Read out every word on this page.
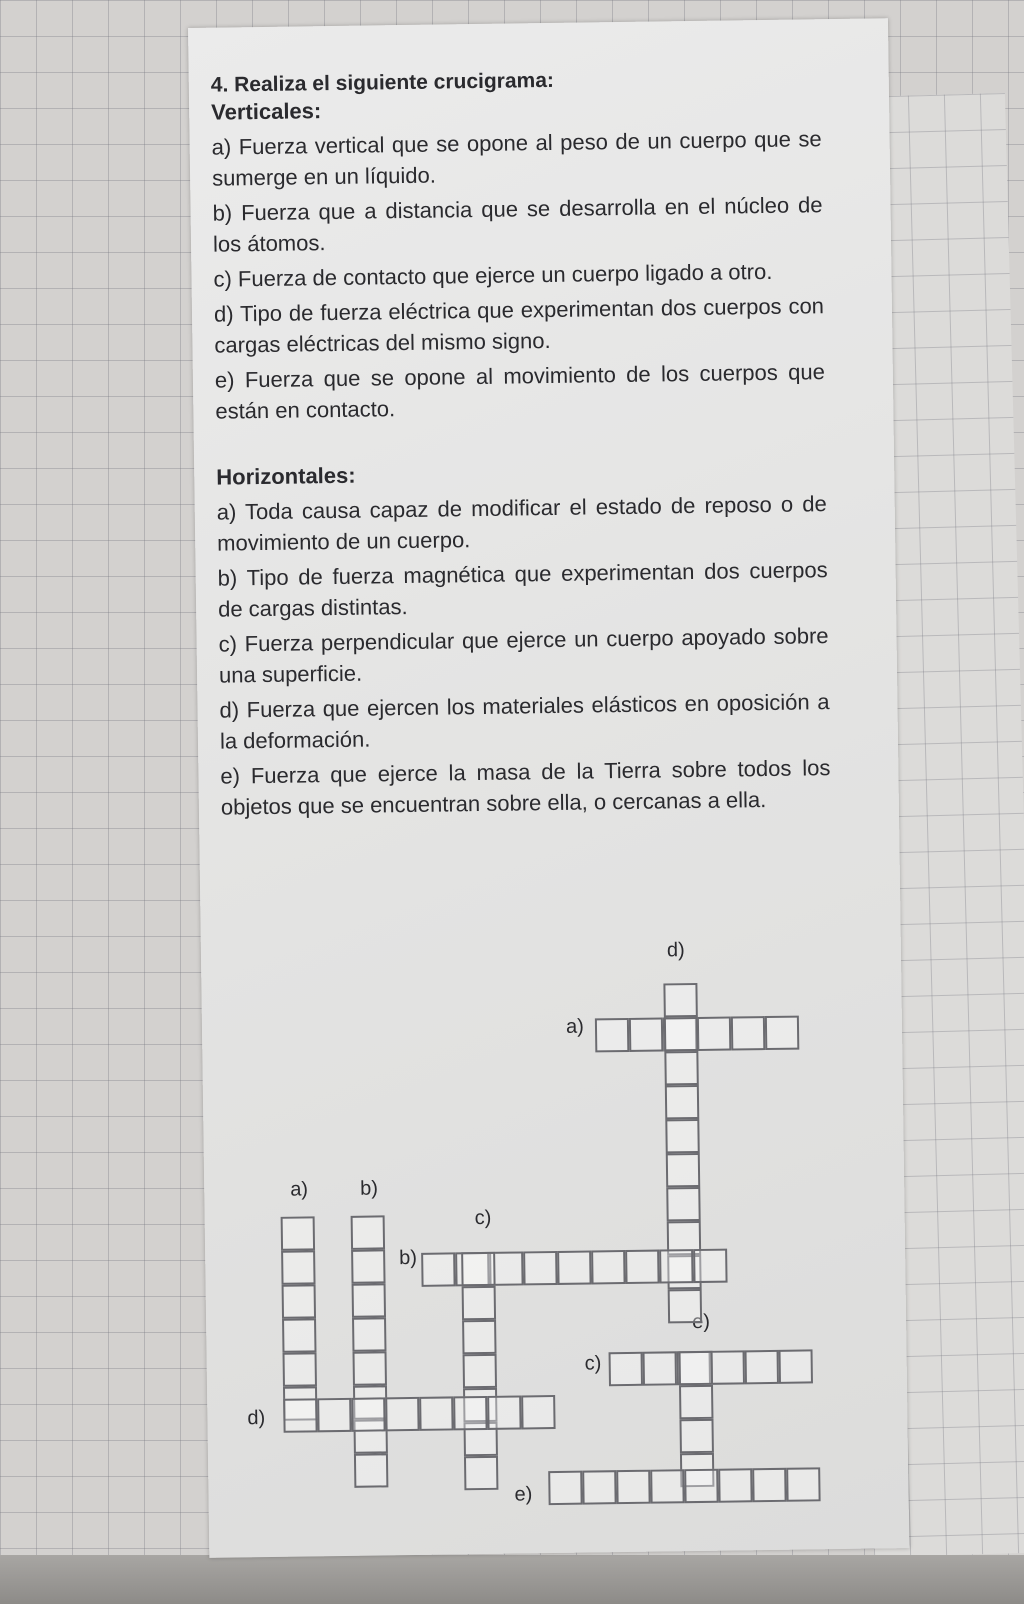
4. Realiza el siguiente crucigrama:

Verticales:

a) Fuerza vertical que se opone al peso de un cuerpo que se sumerge en un líquido.

b) Fuerza que a distancia que se desarrolla en el núcleo de los átomos.

c) Fuerza de contacto que ejerce un cuerpo ligado a otro.

d) Tipo de fuerza eléctrica que experimentan dos cuerpos con cargas eléctricas del mismo signo.

e) Fuerza que se opone al movimiento de los cuerpos que están en contacto.

Horizontales:

a) Toda causa capaz de modificar el estado de reposo o de movimiento de un cuerpo.

b) Tipo de fuerza magnética que experimentan dos cuerpos de cargas distintas.

c) Fuerza perpendicular que ejerce un cuerpo apoyado sobre una superficie.

d) Fuerza que ejercen los materiales elásticos en oposición a la deformación.

e) Fuerza que ejerce la masa de la Tierra sobre todos los objetos que se encuentran sobre ella, o cercanas a ella.

d)
a)
a)	b)
c)
b)
e)
c)
d)
e)
